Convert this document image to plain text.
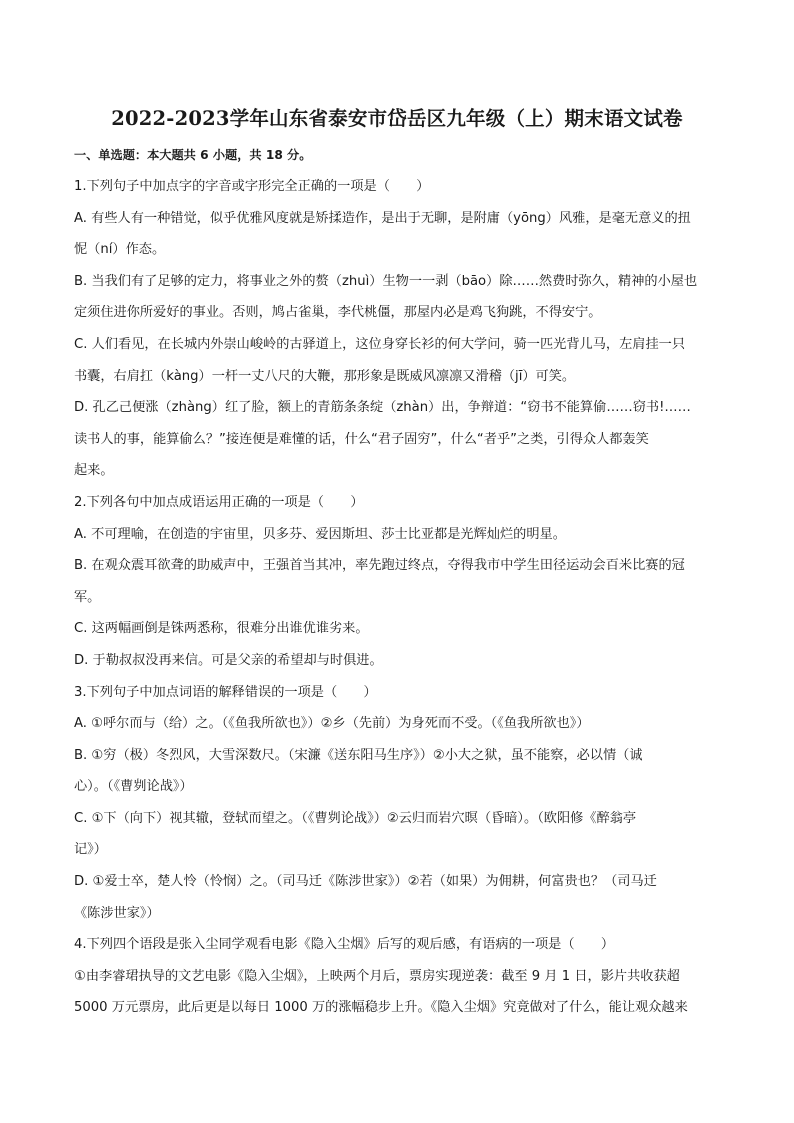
2022-2023学年山东省泰安市岱岳区九年级（上）期末语文试卷
一、单选题：本大题共 6 小题，共 18 分。
1.下列句子中加点字的字音或字形完全正确的一项是（　　）
A. 有些人有一种错觉，似乎优雅风度就是矫揉造作，是出于无聊，是附庸（yōng）风雅，是毫无意义的扭
怩（ní）作态。
B. 当我们有了足够的定力，将事业之外的赘（zhuì）生物一一剥（bāo）除……然费时弥久，精神的小屋也
定须住进你所爱好的事业。否则，鸠占雀巢，李代桃僵，那屋内必是鸡飞狗跳，不得安宁。
C. 人们看见，在长城内外崇山峻岭的古驿道上，这位身穿长衫的何大学问，骑一匹光背儿马，左肩挂一只
书囊，右肩扛（kàng）一杆一丈八尺的大鞭，那形象是既威风凛凛又滑稽（jī）可笑。
D. 孔乙己便涨（zhàng）红了脸，额上的青筋条条绽（zhàn）出，争辩道：“窃书不能算偷……窃书!……
读书人的事，能算偷么？”接连便是难懂的话，什么“君子固穷”，什么“者乎”之类，引得众人都轰笑
起来。
2.下列各句中加点成语运用正确的一项是（　　）
A. 不可理喻，在创造的宇宙里，贝多芬、爱因斯坦、莎士比亚都是光辉灿烂的明星。
B. 在观众震耳欲聋的助威声中，王强首当其冲，率先跑过终点，夺得我市中学生田径运动会百米比赛的冠
军。
C. 这两幅画倒是铢两悉称，很难分出谁优谁劣来。
D. 于勒叔叔没再来信。可是父亲的希望却与时俱进。
3.下列句子中加点词语的解释错误的一项是（　　）
A. ①呼尔而与（给）之。（《鱼我所欲也》）②乡（先前）为身死而不受。（《鱼我所欲也》）
B. ①穷（极）冬烈风，大雪深数尺。（宋濂《送东阳马生序》）②小大之狱，虽不能察，必以情（诚
心）。（《曹刿论战》）
C. ①下（向下）视其辙，登轼而望之。（《曹刿论战》）②云归而岩穴暝（昏暗）。（欧阳修《醉翁亭
记》）
D. ①爱士卒，楚人怜（怜悯）之。（司马迁《陈涉世家》）②若（如果）为佣耕，何富贵也？（司马迁
《陈涉世家》）
4.下列四个语段是张入尘同学观看电影《隐入尘烟》后写的观后感，有语病的一项是（　　）
①由李睿珺执导的文艺电影《隐入尘烟》，上映两个月后，票房实现逆袭：截至 9 月 1 日，影片共收获超
5000 万元票房，此后更是以每日 1000 万的涨幅稳步上升。《隐入尘烟》究竟做对了什么，能让观众越来
